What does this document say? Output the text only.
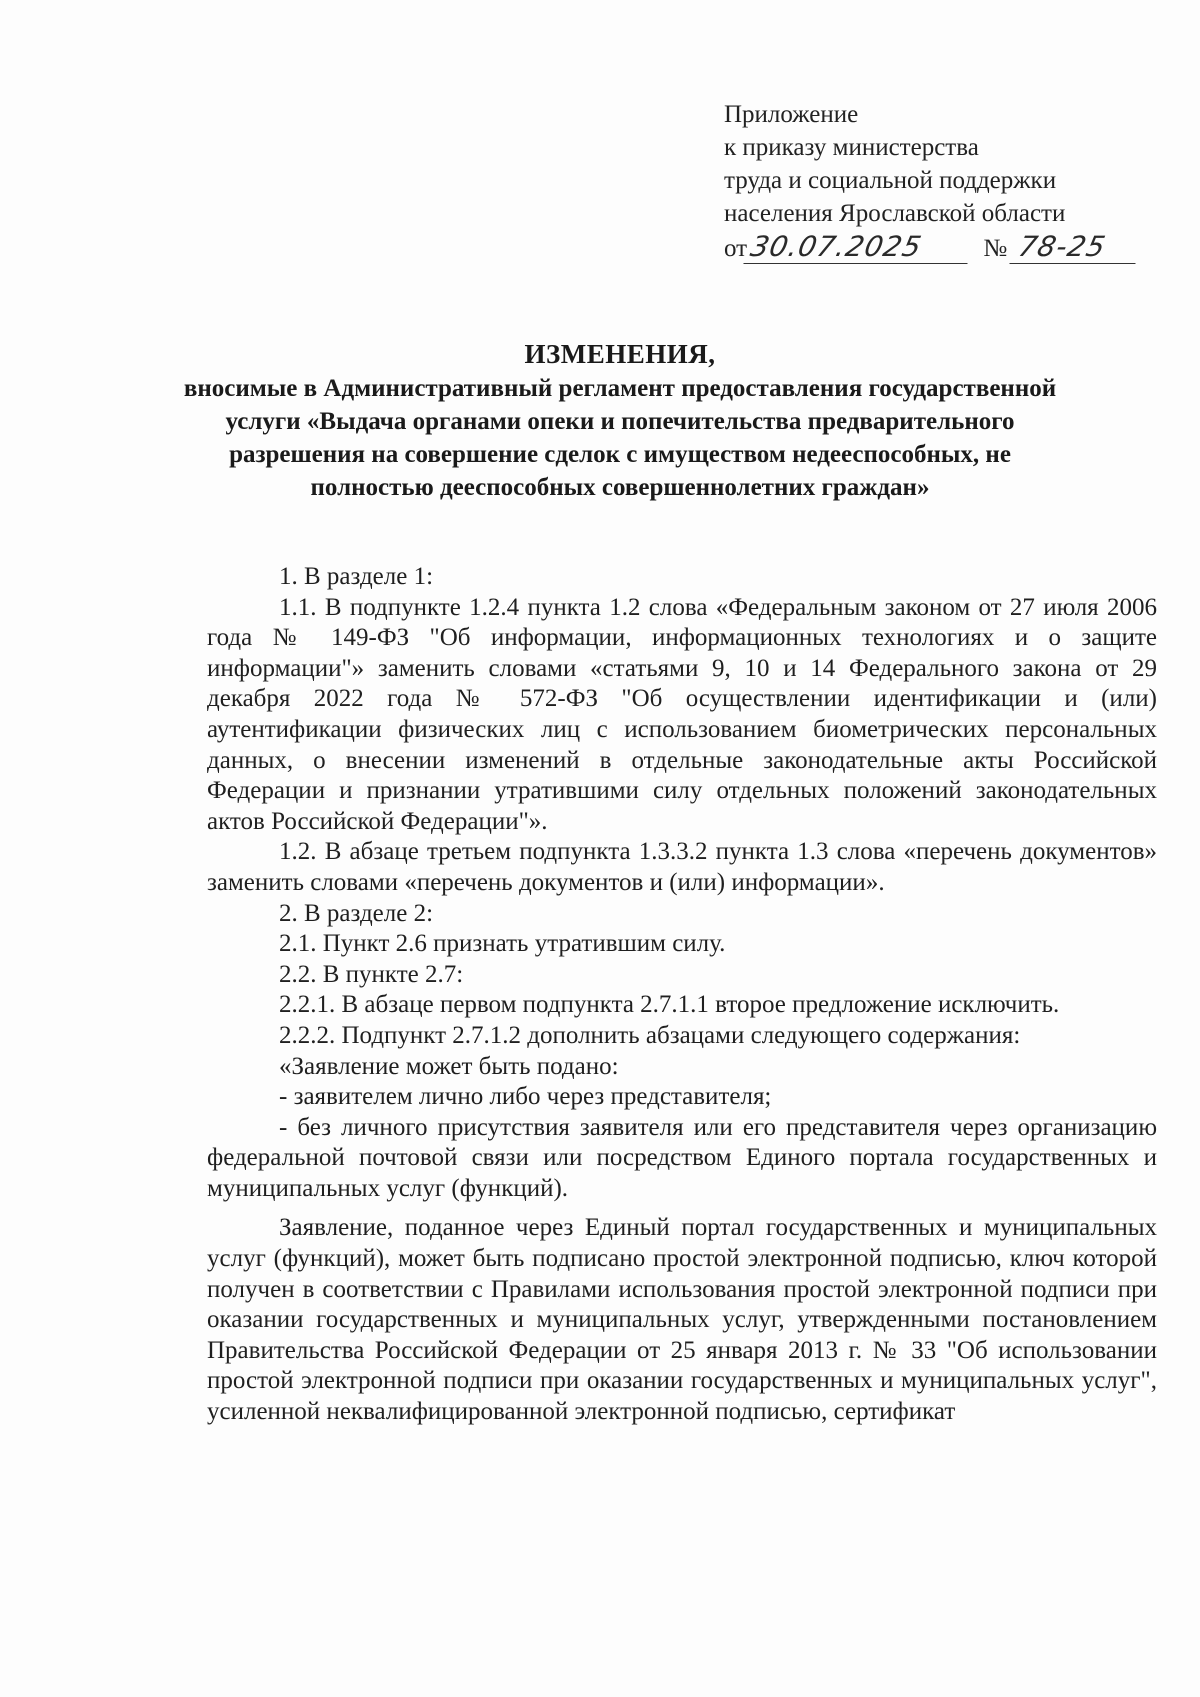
Приложение
к приказу министерства
труда и социальной поддержки
населения Ярославской области
от30.07.2025 № 78-25
ИЗМЕНЕНИЯ,
вносимые в Административный регламент предоставления государственной услуги «Выдача органами опеки и попечительства предварительного разрешения на совершение сделок с имуществом недееспособных, не полностью дееспособных совершеннолетних граждан»

1. В разделе 1:

1.1. В подпункте 1.2.4 пункта 1.2 слова «Федеральным законом от 27 июля 2006 года № 149-ФЗ "Об информации, информационных технологиях и о защите информации"» заменить словами «статьями 9, 10 и 14 Федерального закона от 29 декабря 2022 года № 572-ФЗ "Об осуществлении идентификации и (или) аутентификации физических лиц с использованием биометрических персональных данных, о внесении изменений в отдельные законодательные акты Российской Федерации и признании утратившими силу отдельных положений законодательных актов Российской Федерации"».

1.2. В абзаце третьем подпункта 1.3.3.2 пункта 1.3 слова «перечень документов» заменить словами «перечень документов и (или) информации».

2. В разделе 2:

2.1. Пункт 2.6 признать утратившим силу.

2.2. В пункте 2.7:

2.2.1. В абзаце первом подпункта 2.7.1.1 второе предложение исключить.

2.2.2. Подпункт 2.7.1.2 дополнить абзацами следующего содержания:

«Заявление может быть подано:

- заявителем лично либо через представителя;

- без личного присутствия заявителя или его представителя через организацию федеральной почтовой связи или посредством Единого портала государственных и муниципальных услуг (функций).

Заявление, поданное через Единый портал государственных и муниципальных услуг (функций), может быть подписано простой электронной подписью, ключ которой получен в соответствии с Правилами использования простой электронной подписи при оказании государственных и муниципальных услуг, утвержденными постановлением Правительства Российской Федерации от 25 января 2013 г. № 33 "Об использовании простой электронной подписи при оказании государственных и муниципальных услуг", усиленной неквалифицированной электронной подписью, сертификат
